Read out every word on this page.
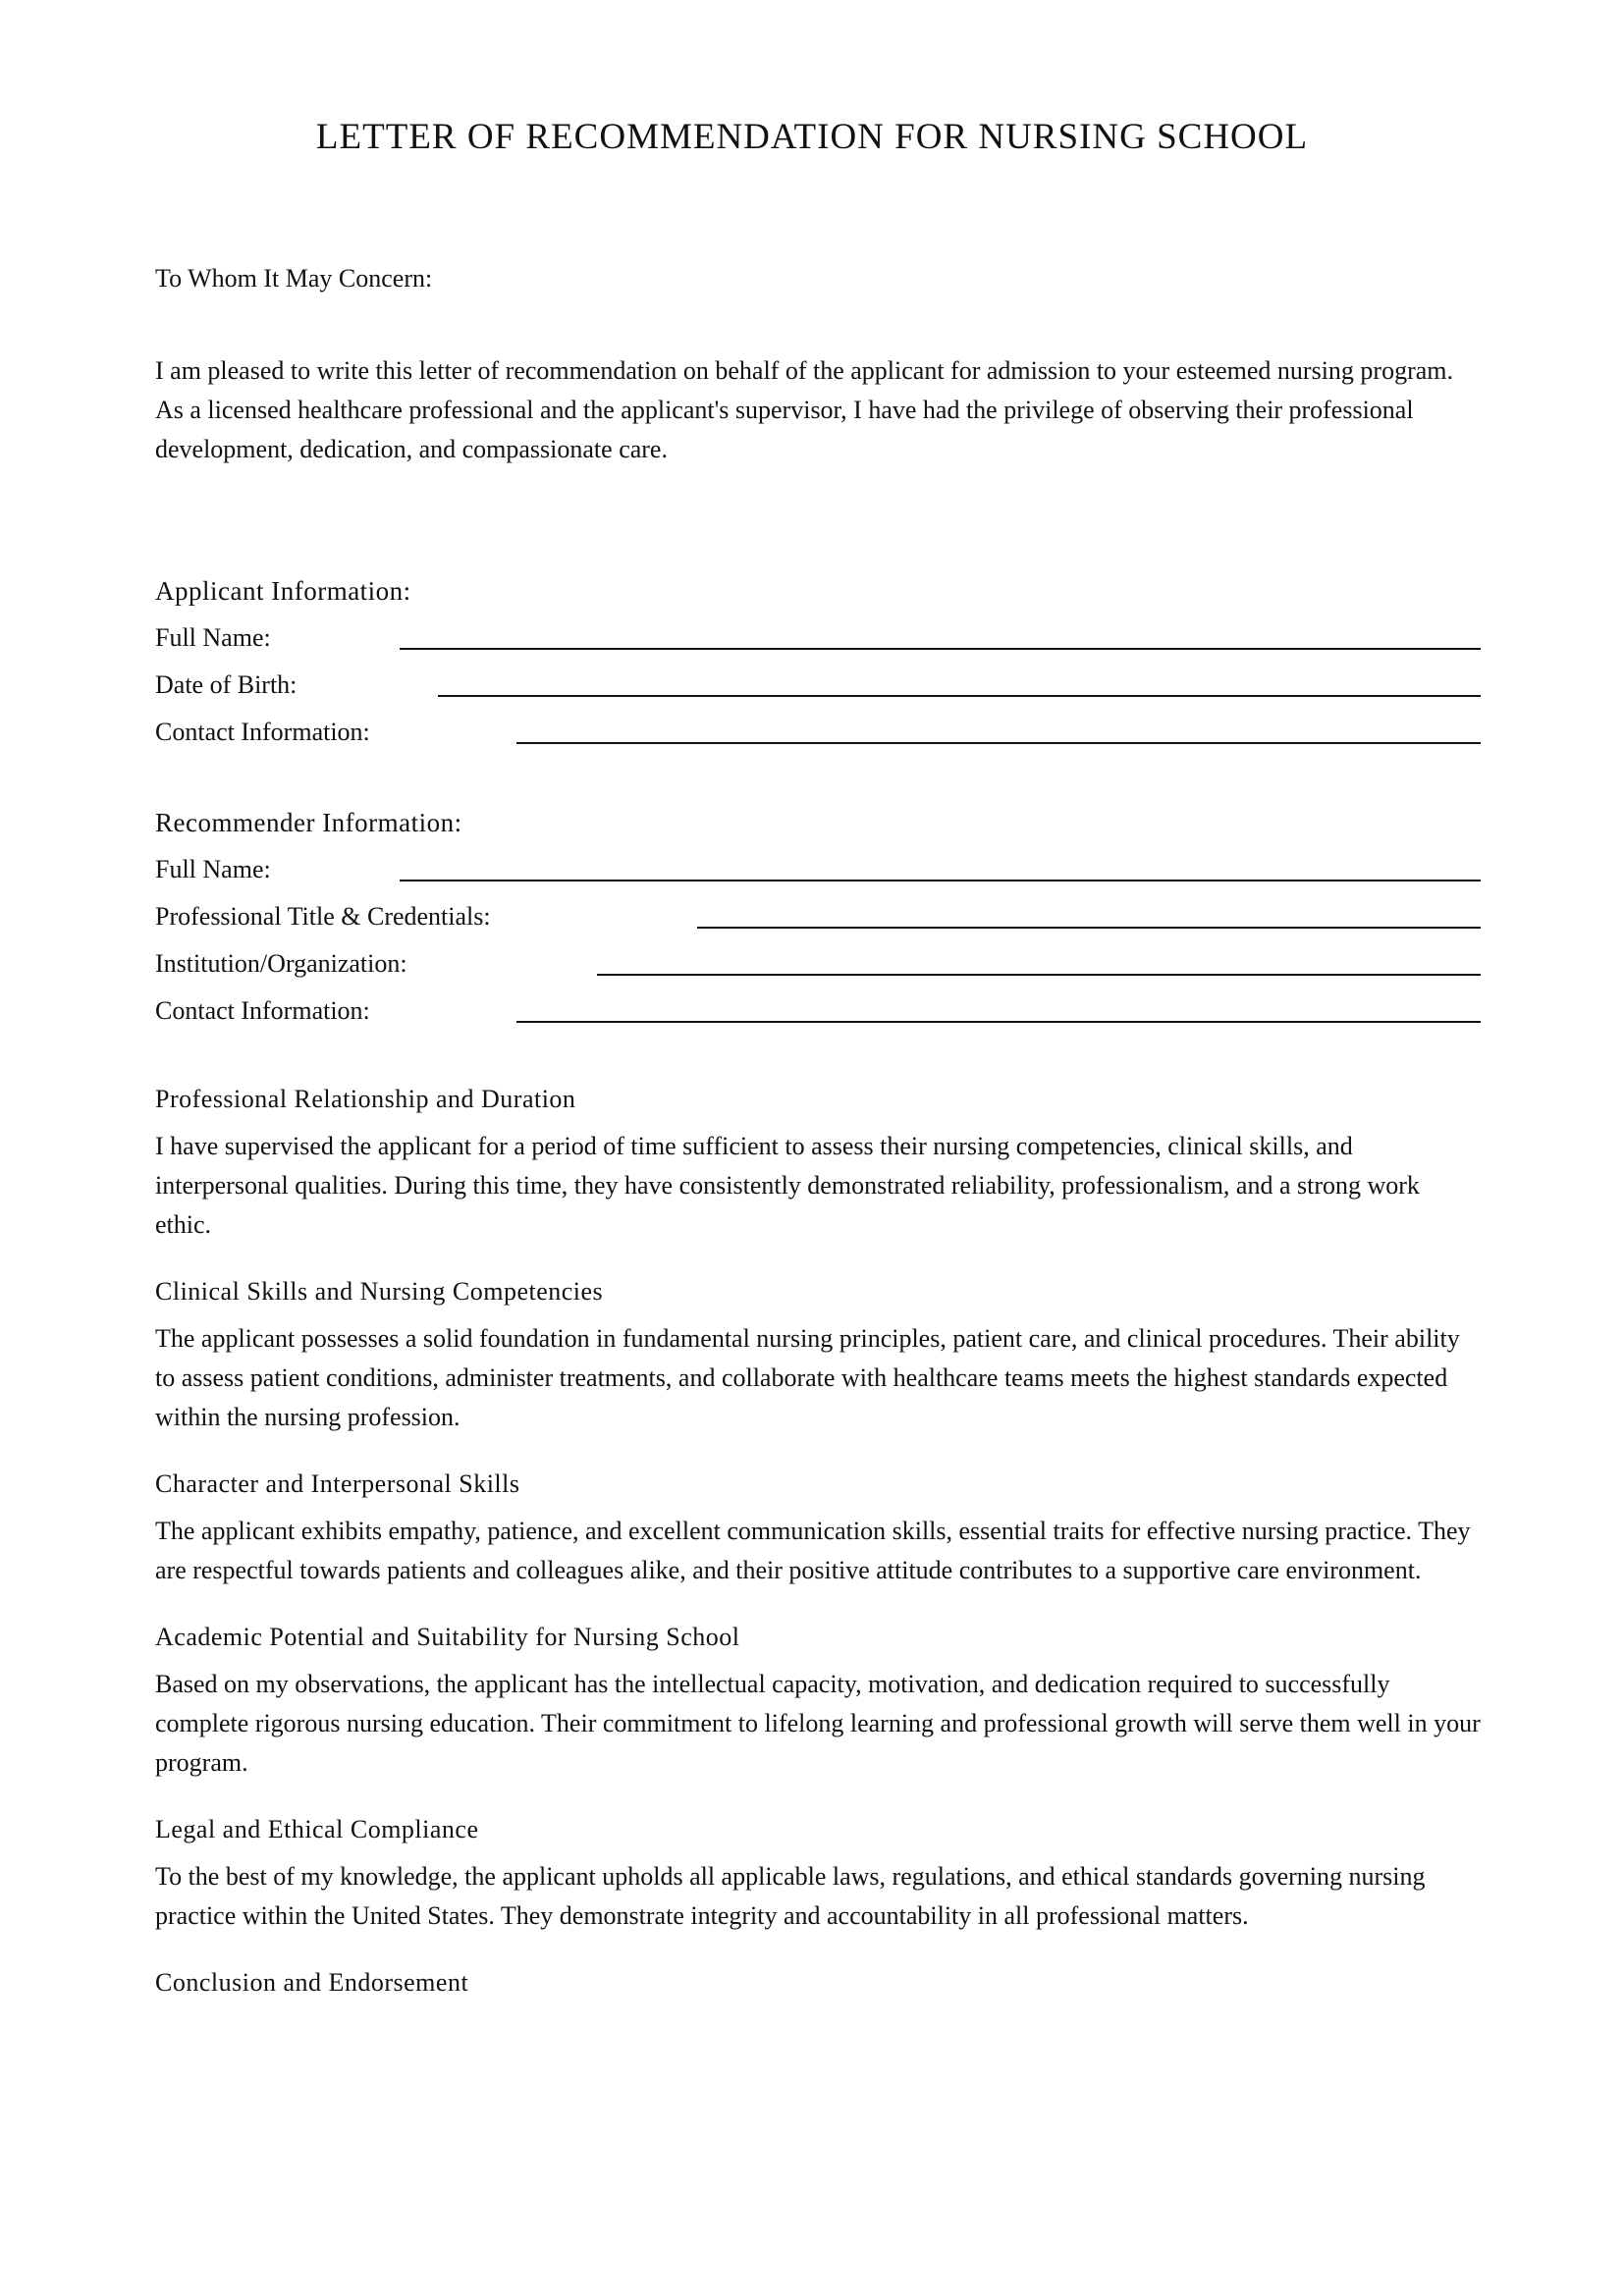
LETTER OF RECOMMENDATION FOR NURSING SCHOOL

To Whom It May Concern:

I am pleased to write this letter of recommendation on behalf of the applicant for admission to your esteemed nursing program. As a licensed healthcare professional and the applicant's supervisor, I have had the privilege of observing their professional development, dedication, and compassionate care.

Applicant Information:
Full Name:
Date of Birth:
Contact Information:
Recommender Information:
Full Name:
Professional Title & Credentials:
Institution/Organization:
Contact Information:
Professional Relationship and Duration

I have supervised the applicant for a period of time sufficient to assess their nursing competencies, clinical skills, and interpersonal qualities. During this time, they have consistently demonstrated reliability, professionalism, and a strong work ethic.

Clinical Skills and Nursing Competencies

The applicant possesses a solid foundation in fundamental nursing principles, patient care, and clinical procedures. Their ability to assess patient conditions, administer treatments, and collaborate with healthcare teams meets the highest standards expected within the nursing profession.

Character and Interpersonal Skills

The applicant exhibits empathy, patience, and excellent communication skills, essential traits for effective nursing practice. They are respectful towards patients and colleagues alike, and their positive attitude contributes to a supportive care environment.

Academic Potential and Suitability for Nursing School

Based on my observations, the applicant has the intellectual capacity, motivation, and dedication required to successfully complete rigorous nursing education. Their commitment to lifelong learning and professional growth will serve them well in your program.

Legal and Ethical Compliance

To the best of my knowledge, the applicant upholds all applicable laws, regulations, and ethical standards governing nursing practice within the United States. They demonstrate integrity and accountability in all professional matters.

Conclusion and Endorsement
